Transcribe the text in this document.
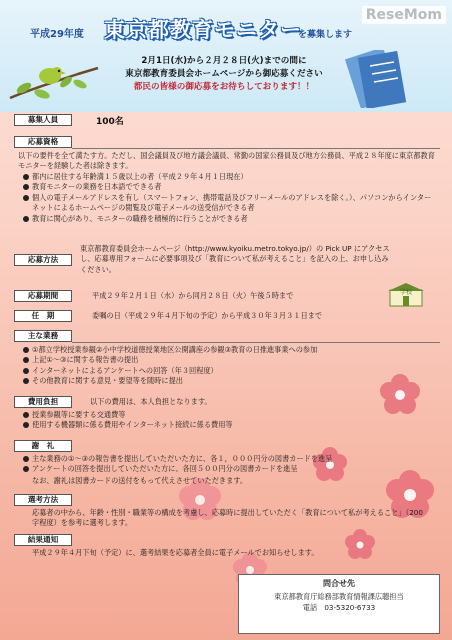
平成29年度 東京都教育モニター
を募集します
ReseMom
2月1日(水)から２月２８日(火)までの間に
東京都教育委員会ホームページから御応募ください
都民の皆様の御応募をお待ちしております！！
学校
募集人員	100名
応募資格
以下の要件を全て満たす方。ただし、国会議員及び地方議会議員、常勤の国家公務員及び地方公務員、平成２８年度に東京都教育モニターを経験した者は除きます。
都内に居住する年齢満１５歳以上の者（平成２９年４月１日現在）
教育モニターの業務を日本語でできる者
個人の電子メールアドレスを有し（スマートフォン、携帯電話及びフリーメールのアドレスを除く。）、パソコンからインターネットによるホームページの閲覧及び電子メールの送受信ができる者
教育に関心があり、モニターの職務を積極的に行うことができる者
応募方法
東京都教育委員会ホームページ（http://www.kyoiku.metro.tokyo.jp/）の Pick UP にアクセスし、応募専用フォームに必要事項及び「教育について私が考えること」を記入の上、お申し込みください。
応募期間	平成２９年２月１日（水）から同月２８日（火）午後５時まで
任　期	委嘱の日（平成２９年４月下旬の予定）から平成３０年３月３１日まで
主な業務
①都立学校授業参観②小中学校道徳授業地区公開講座の参観③教育の日推進事業への参加
上記①～③に関する報告書の提出
インターネットによるアンケートへの回答（年３回程度）
その他教育に関する意見・要望等を随時に提出
費用負担	以下の費用は、本人負担となります。
授業参観等に要する交通費等
使用する機器類に係る費用やインターネット接続に係る費用等
謝　礼
主な業務の①～③の報告書を提出していただいた方に、各１，０００円分の図書カードを進呈
アンケートの回答を提出していただいた方に、各回５００円分の図書カードを進呈
なお、謝礼は図書カードの送付をもって代えさせていただきます。
選考方法
応募者の中から、年齢・性別・職業等の構成を考慮し、応募時に提出していただく「教育について私が考えること」（200字程度）を参考に選考します。
結果通知
平成２９年４月下旬（予定）に、選考結果を応募者全員に電子メールでお知らせします。
問合せ先
東京都教育庁総務部教育情報課広聴担当
電話　03-5320-6733
